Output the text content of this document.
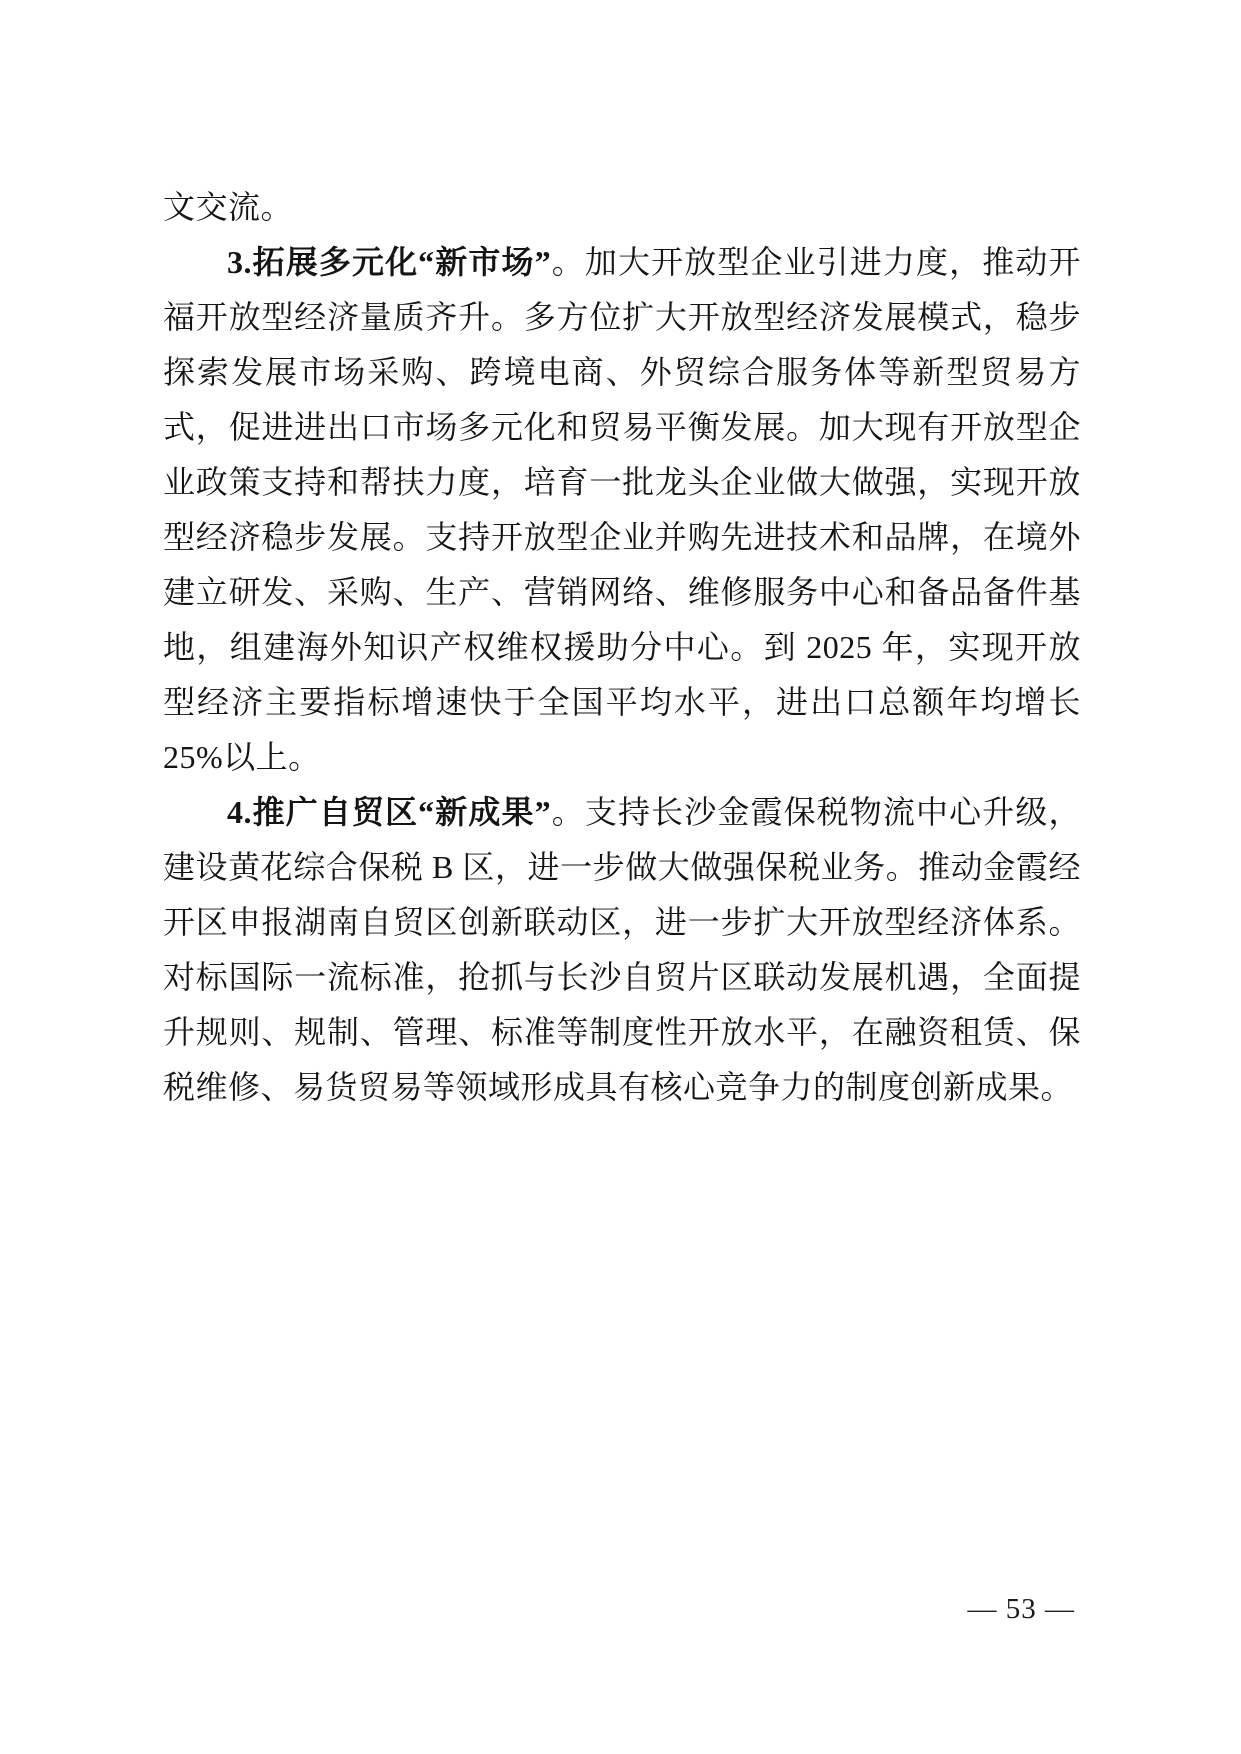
文交流。

3.拓展多元化“新市场”。加大开放型企业引进力度，推动开福开放型经济量质齐升。多方位扩大开放型经济发展模式，稳步探索发展市场采购、跨境电商、外贸综合服务体等新型贸易方式，促进进出口市场多元化和贸易平衡发展。加大现有开放型企业政策支持和帮扶力度，培育一批龙头企业做大做强，实现开放型经济稳步发展。支持开放型企业并购先进技术和品牌，在境外建立研发、采购、生产、营销网络、维修服务中心和备品备件基地，组建海外知识产权维权援助分中心。到 2025 年，实现开放型经济主要指标增速快于全国平均水平，进出口总额年均增长 25%以上。

4.推广自贸区“新成果”。支持长沙金霞保税物流中心升级，建设黄花综合保税 B 区，进一步做大做强保税业务。推动金霞经开区申报湖南自贸区创新联动区，进一步扩大开放型经济体系。对标国际一流标准，抢抓与长沙自贸片区联动发展机遇，全面提升规则、规制、管理、标准等制度性开放水平，在融资租赁、保税维修、易货贸易等领域形成具有核心竞争力的制度创新成果。

— 53 —
